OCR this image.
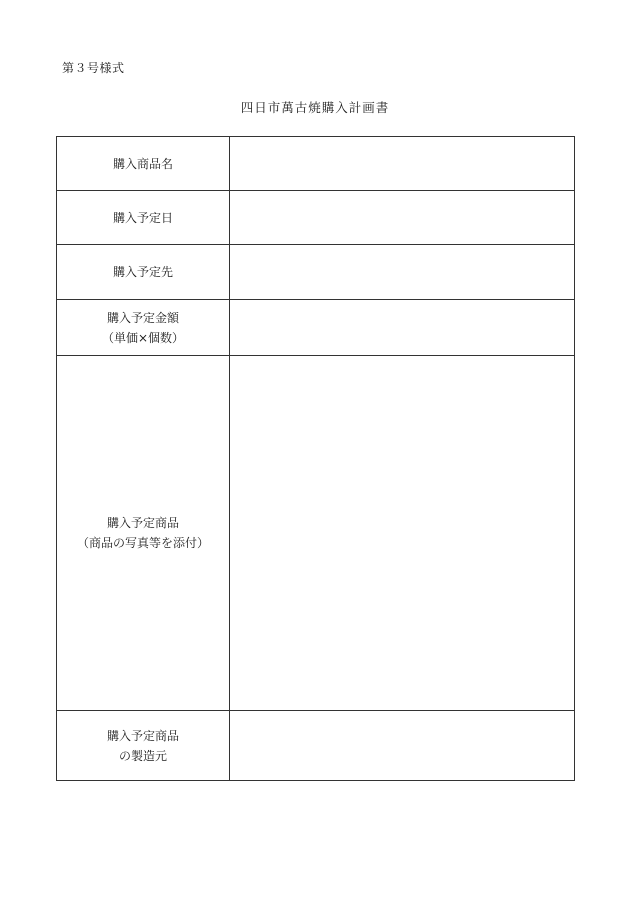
第３号様式
四日市萬古焼購入計画書
購入商品名	

購入予定日	

購入予定先	

購入予定金額
（単価×個数）	

購入予定商品
（商品の写真等を添付）	

購入予定商品
の製造元	
